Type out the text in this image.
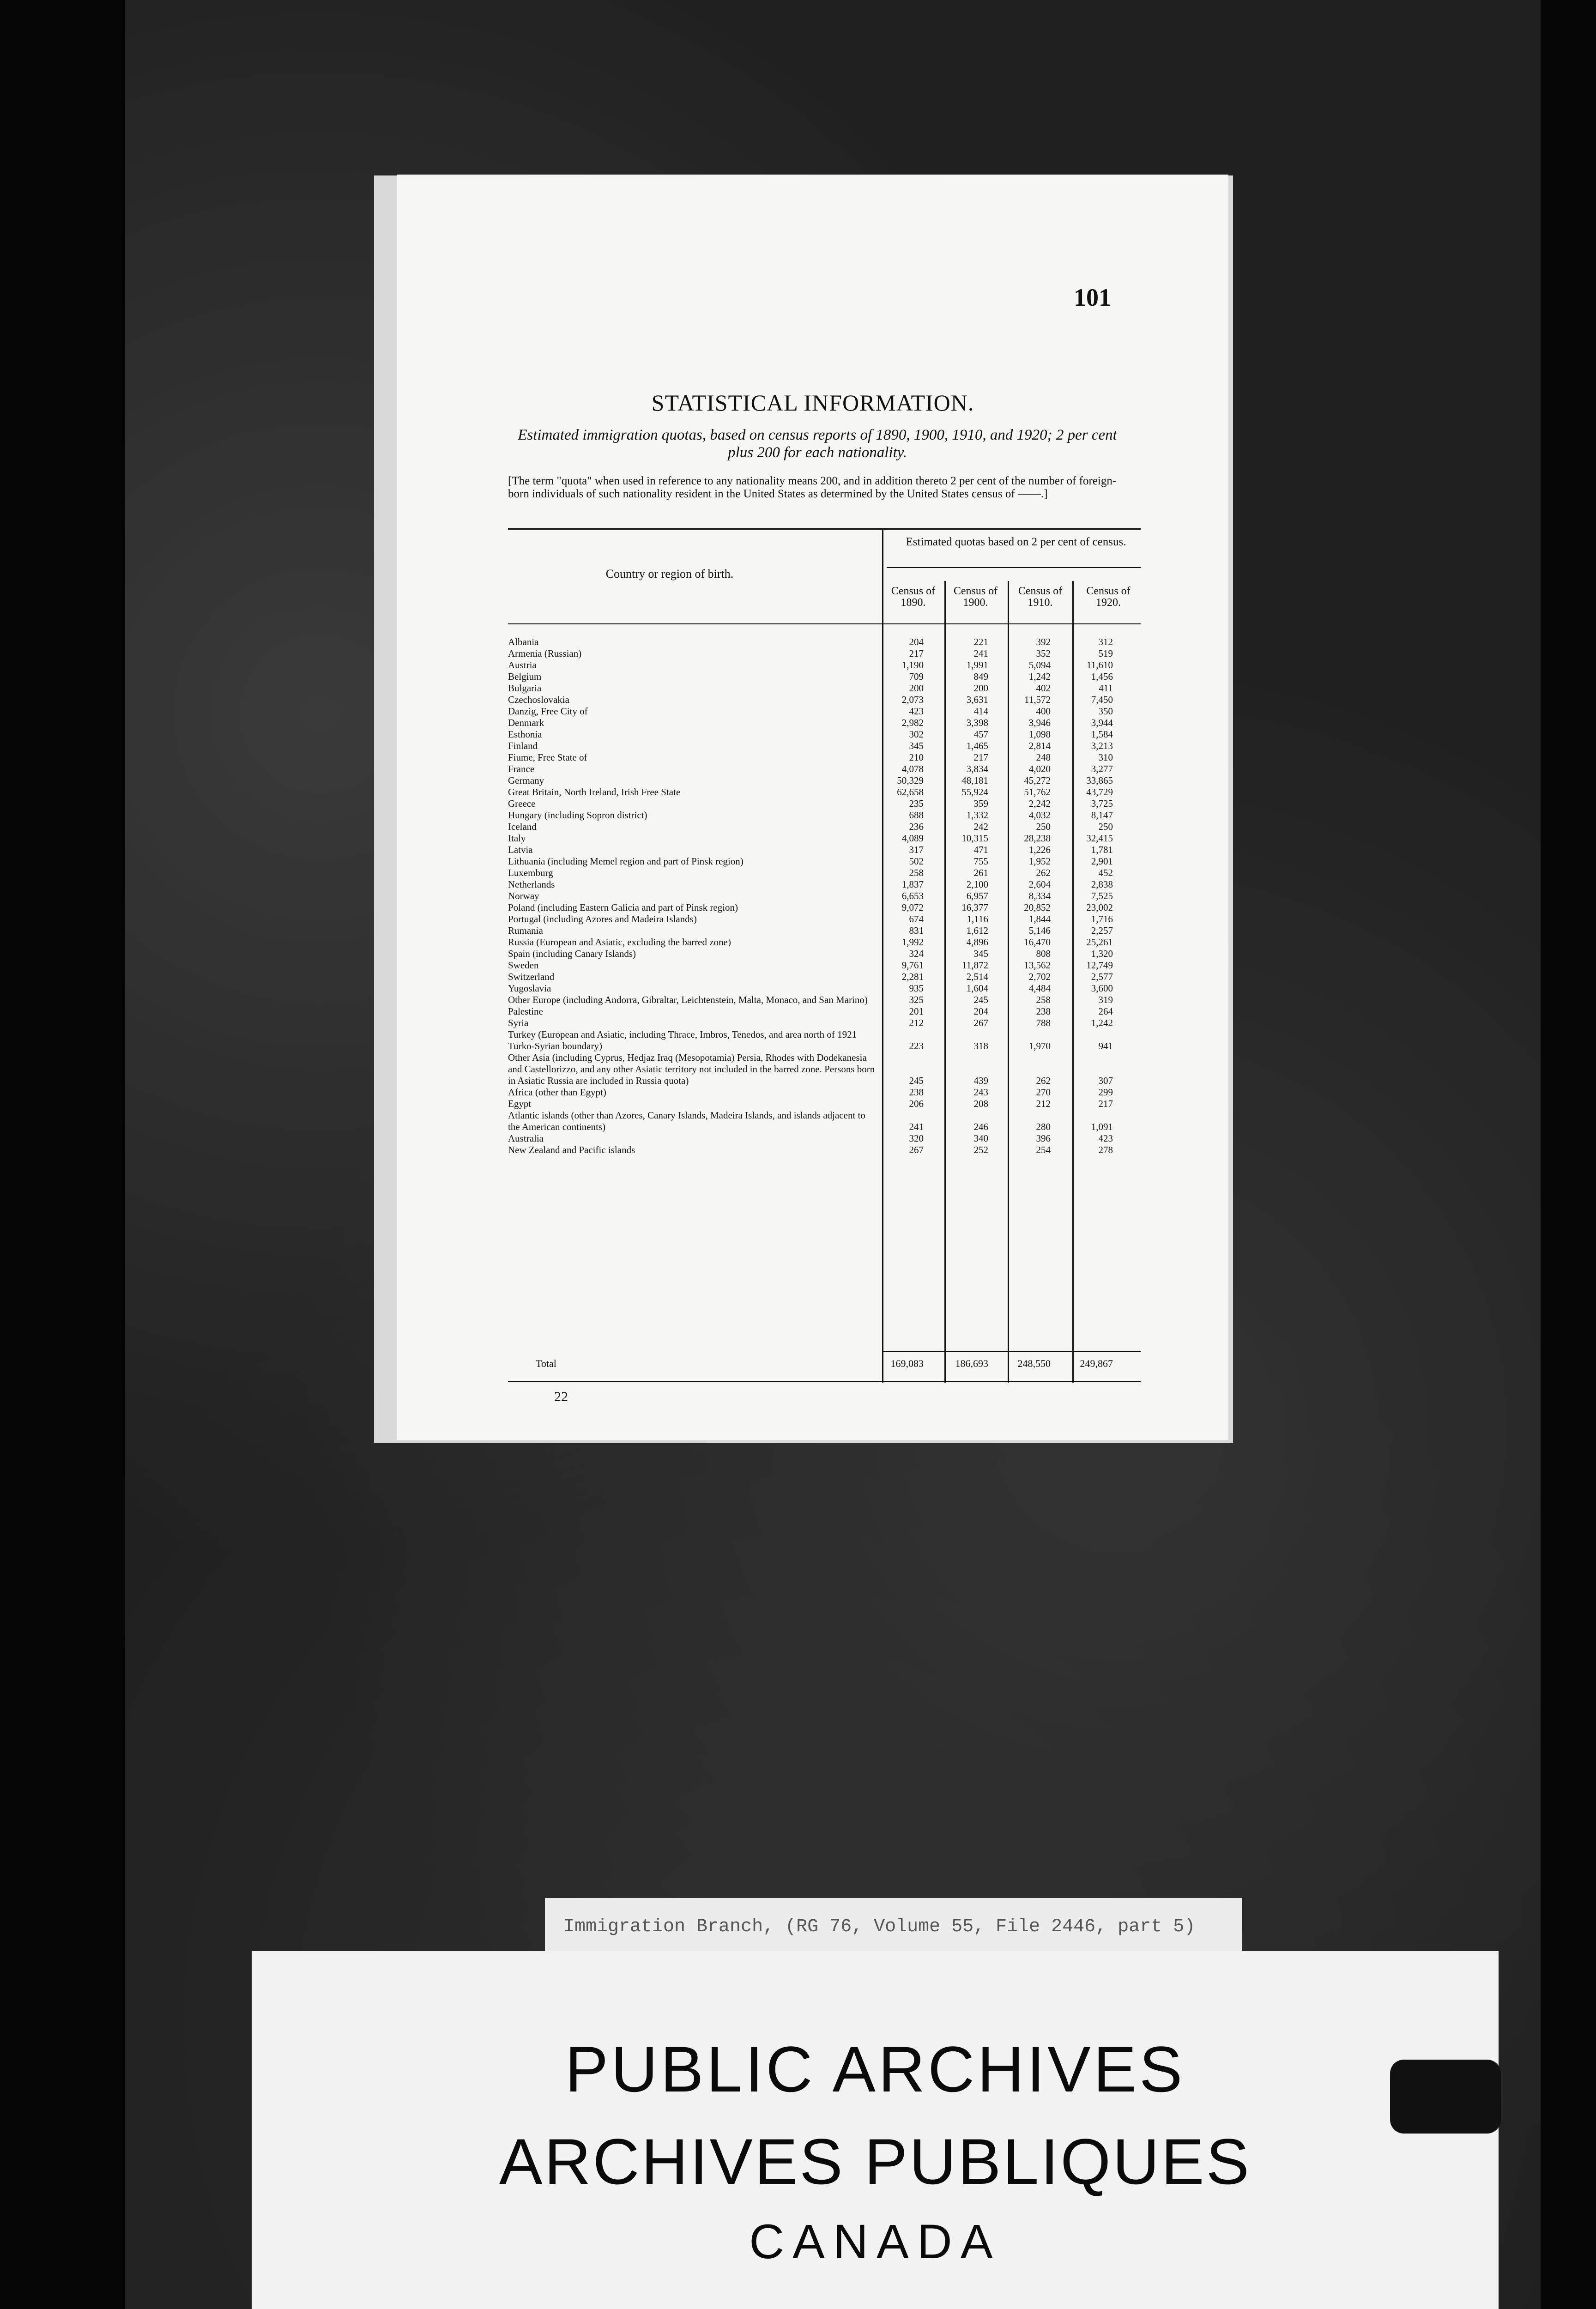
101
STATISTICAL INFORMATION.
Estimated immigration quotas, based on census reports of 1890, 1900, 1910, and 1920; 2 per cent plus 200 for each nationality.
[The term "quota" when used in reference to any nationality means 200, and in addition thereto 2 per cent of the number of foreign-born individuals of such nationality resident in the United States as determined by the United States census of ——.]
Estimated quotas based on 2 per cent of census.
Country or region of birth.
Census of 1890.
Census of 1900.
Census of 1910.
Census of 1920.
Albania	204	221	392	312
Armenia (Russian)	217	241	352	519
Austria	1,190	1,991	5,094	11,610
Belgium	709	849	1,242	1,456
Bulgaria	200	200	402	411
Czechoslovakia	2,073	3,631	11,572	7,450
Danzig, Free City of	423	414	400	350
Denmark	2,982	3,398	3,946	3,944
Esthonia	302	457	1,098	1,584
Finland	345	1,465	2,814	3,213
Fiume, Free State of	210	217	248	310
France	4,078	3,834	4,020	3,277
Germany	50,329	48,181	45,272	33,865
Great Britain, North Ireland, Irish Free State	62,658	55,924	51,762	43,729
Greece	235	359	2,242	3,725
Hungary (including Sopron district)	688	1,332	4,032	8,147
Iceland	236	242	250	250
Italy	4,089	10,315	28,238	32,415
Latvia	317	471	1,226	1,781
Lithuania (including Memel region and part of Pinsk region)	502	755	1,952	2,901
Luxemburg	258	261	262	452
Netherlands	1,837	2,100	2,604	2,838
Norway	6,653	6,957	8,334	7,525
Poland (including Eastern Galicia and part of Pinsk region)	9,072	16,377	20,852	23,002
Portugal (including Azores and Madeira Islands)	674	1,116	1,844	1,716
Rumania	831	1,612	5,146	2,257
Russia (European and Asiatic, excluding the barred zone)	1,992	4,896	16,470	25,261
Spain (including Canary Islands)	324	345	808	1,320
Sweden	9,761	11,872	13,562	12,749
Switzerland	2,281	2,514	2,702	2,577
Yugoslavia	935	1,604	4,484	3,600
Other Europe (including Andorra, Gibraltar, Leichtenstein, Malta, Monaco, and San Marino)	325	245	258	319
Palestine	201	204	238	264
Syria	212	267	788	1,242
Turkey (European and Asiatic, including Thrace, Imbros, Tenedos, and area north of 1921 Turko-Syrian boundary)	223	318	1,970	941
Other Asia (including Cyprus, Hedjaz Iraq (Mesopotamia) Persia, Rhodes with Dodekanesia and Castellorizzo, and any other Asiatic territory not included in the barred zone. Persons born in Asiatic Russia are included in Russia quota)	245	439	262	307
Africa (other than Egypt)	238	243	270	299
Egypt	206	208	212	217
Atlantic islands (other than Azores, Canary Islands, Madeira Islands, and islands adjacent to the American continents)	241	246	280	1,091
Australia	320	340	396	423
New Zealand and Pacific islands	267	252	254	278
Total	169,083	186,693	248,550	249,867
22
Immigration Branch, (RG 76, Volume 55, File 2446, part 5)
PUBLIC ARCHIVES
ARCHIVES PUBLIQUES
CANADA
